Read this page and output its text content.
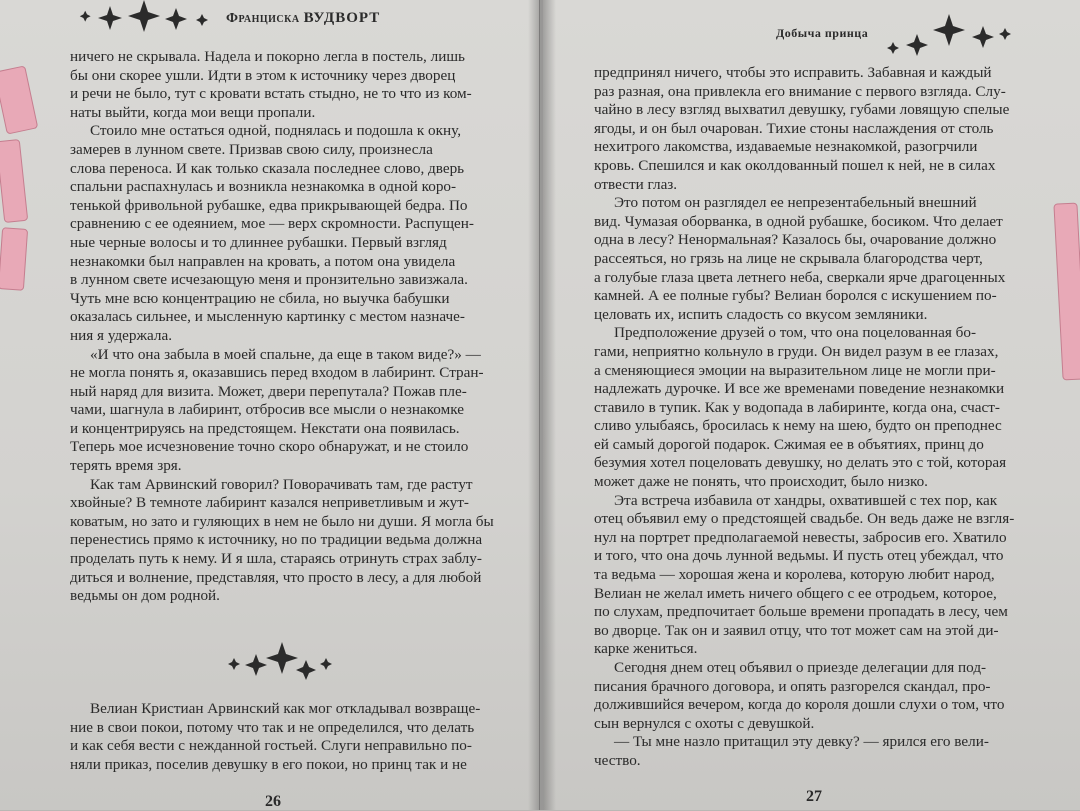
Франциска ВУДВОРТ

ничего не скрывала. Надела и покорно легла в постель, лишь

бы они скорее ушли. Идти в этом к источнику через дворец

и речи не было, тут с кровати встать стыдно, не то что из ком-

наты выйти, когда мои вещи пропали.

Стоило мне остаться одной, поднялась и подошла к окну,

замерев в лунном свете. Призвав свою силу, произнесла

слова переноса. И как только сказала последнее слово, дверь

спальни распахнулась и возникла незнакомка в одной коро-

тенькой фривольной рубашке, едва прикрывающей бедра. По

сравнению с ее одеянием, мое — верх скромности. Распущен-

ные черные волосы и то длиннее рубашки. Первый взгляд

незнакомки был направлен на кровать, а потом она увидела

в лунном свете исчезающую меня и пронзительно завизжала.

Чуть мне всю концентрацию не сбила, но выучка бабушки

оказалась сильнее, и мысленную картинку с местом назначе-

ния я удержала.

«И что она забыла в моей спальне, да еще в таком виде?» —

не могла понять я, оказавшись перед входом в лабиринт. Стран-

ный наряд для визита. Может, двери перепутала? Пожав пле-

чами, шагнула в лабиринт, отбросив все мысли о незнакомке

и концентрируясь на предстоящем. Некстати она появилась.

Теперь мое исчезновение точно скоро обнаружат, и не стоило

терять время зря.

Как там Арвинский говорил? Поворачивать там, где растут

хвойные? В темноте лабиринт казался неприветливым и жут-

коватым, но зато и гуляющих в нем не было ни души. Я могла бы

перенестись прямо к источнику, но по традиции ведьма должна

проделать путь к нему. И я шла, стараясь отринуть страх заблу-

диться и волнение, представляя, что просто в лесу, а для любой

ведьмы он дом родной.

Велиан Кристиан Арвинский как мог откладывал возвраще-

ние в свои покои, потому что так и не определился, что делать

и как себя вести с нежданной гостьей. Слуги неправильно по-

няли приказ, поселив девушку в его покои, но принц так и не

26
Добыча принца

предпринял ничего, чтобы это исправить. Забавная и каждый

раз разная, она привлекла его внимание с первого взгляда. Слу-

чайно в лесу взгляд выхватил девушку, губами ловящую спелые

ягоды, и он был очарован. Тихие стоны наслаждения от столь

нехитрого лакомства, издаваемые незнакомкой, разогрчили

кровь. Спешился и как околдованный пошел к ней, не в силах

отвести глаз.

Это потом он разглядел ее непрезентабельный внешний

вид. Чумазая оборванка, в одной рубашке, босиком. Что делает

одна в лесу? Ненормальная? Казалось бы, очарование должно

рассеяться, но грязь на лице не скрывала благородства черт,

а голубые глаза цвета летнего неба, сверкали ярче драгоценных

камней. А ее полные губы? Велиан боролся с искушением по-

целовать их, испить сладость со вкусом земляники.

Предположение друзей о том, что она поцелованная бо-

гами, неприятно кольнуло в груди. Он видел разум в ее глазах,

а сменяющиеся эмоции на выразительном лице не могли при-

надлежать дурочке. И все же временами поведение незнакомки

ставило в тупик. Как у водопада в лабиринте, когда она, счаст-

сливо улыбаясь, бросилась к нему на шею, будто он преподнес

ей самый дорогой подарок. Сжимая ее в объятиях, принц до

безумия хотел поцеловать девушку, но делать это с той, которая

может даже не понять, что происходит, было низко.

Эта встреча избавила от хандры, охватившей с тех пор, как

отец объявил ему о предстоящей свадьбе. Он ведь даже не взгля-

нул на портрет предполагаемой невесты, забросив его. Хватило

и того, что она дочь лунной ведьмы. И пусть отец убеждал, что

та ведьма — хорошая жена и королева, которую любит народ,

Велиан не желал иметь ничего общего с ее отродьем, которое,

по слухам, предпочитает больше времени пропадать в лесу, чем

во дворце. Так он и заявил отцу, что тот может сам на этой ди-

карке жениться.

Сегодня днем отец объявил о приезде делегации для под-

писания брачного договора, и опять разгорелся скандал, про-

должившийся вечером, когда до короля дошли слухи о том, что

сын вернулся с охоты с девушкой.

— Ты мне назло притащил эту девку? — ярился его вели-

чество.

27
